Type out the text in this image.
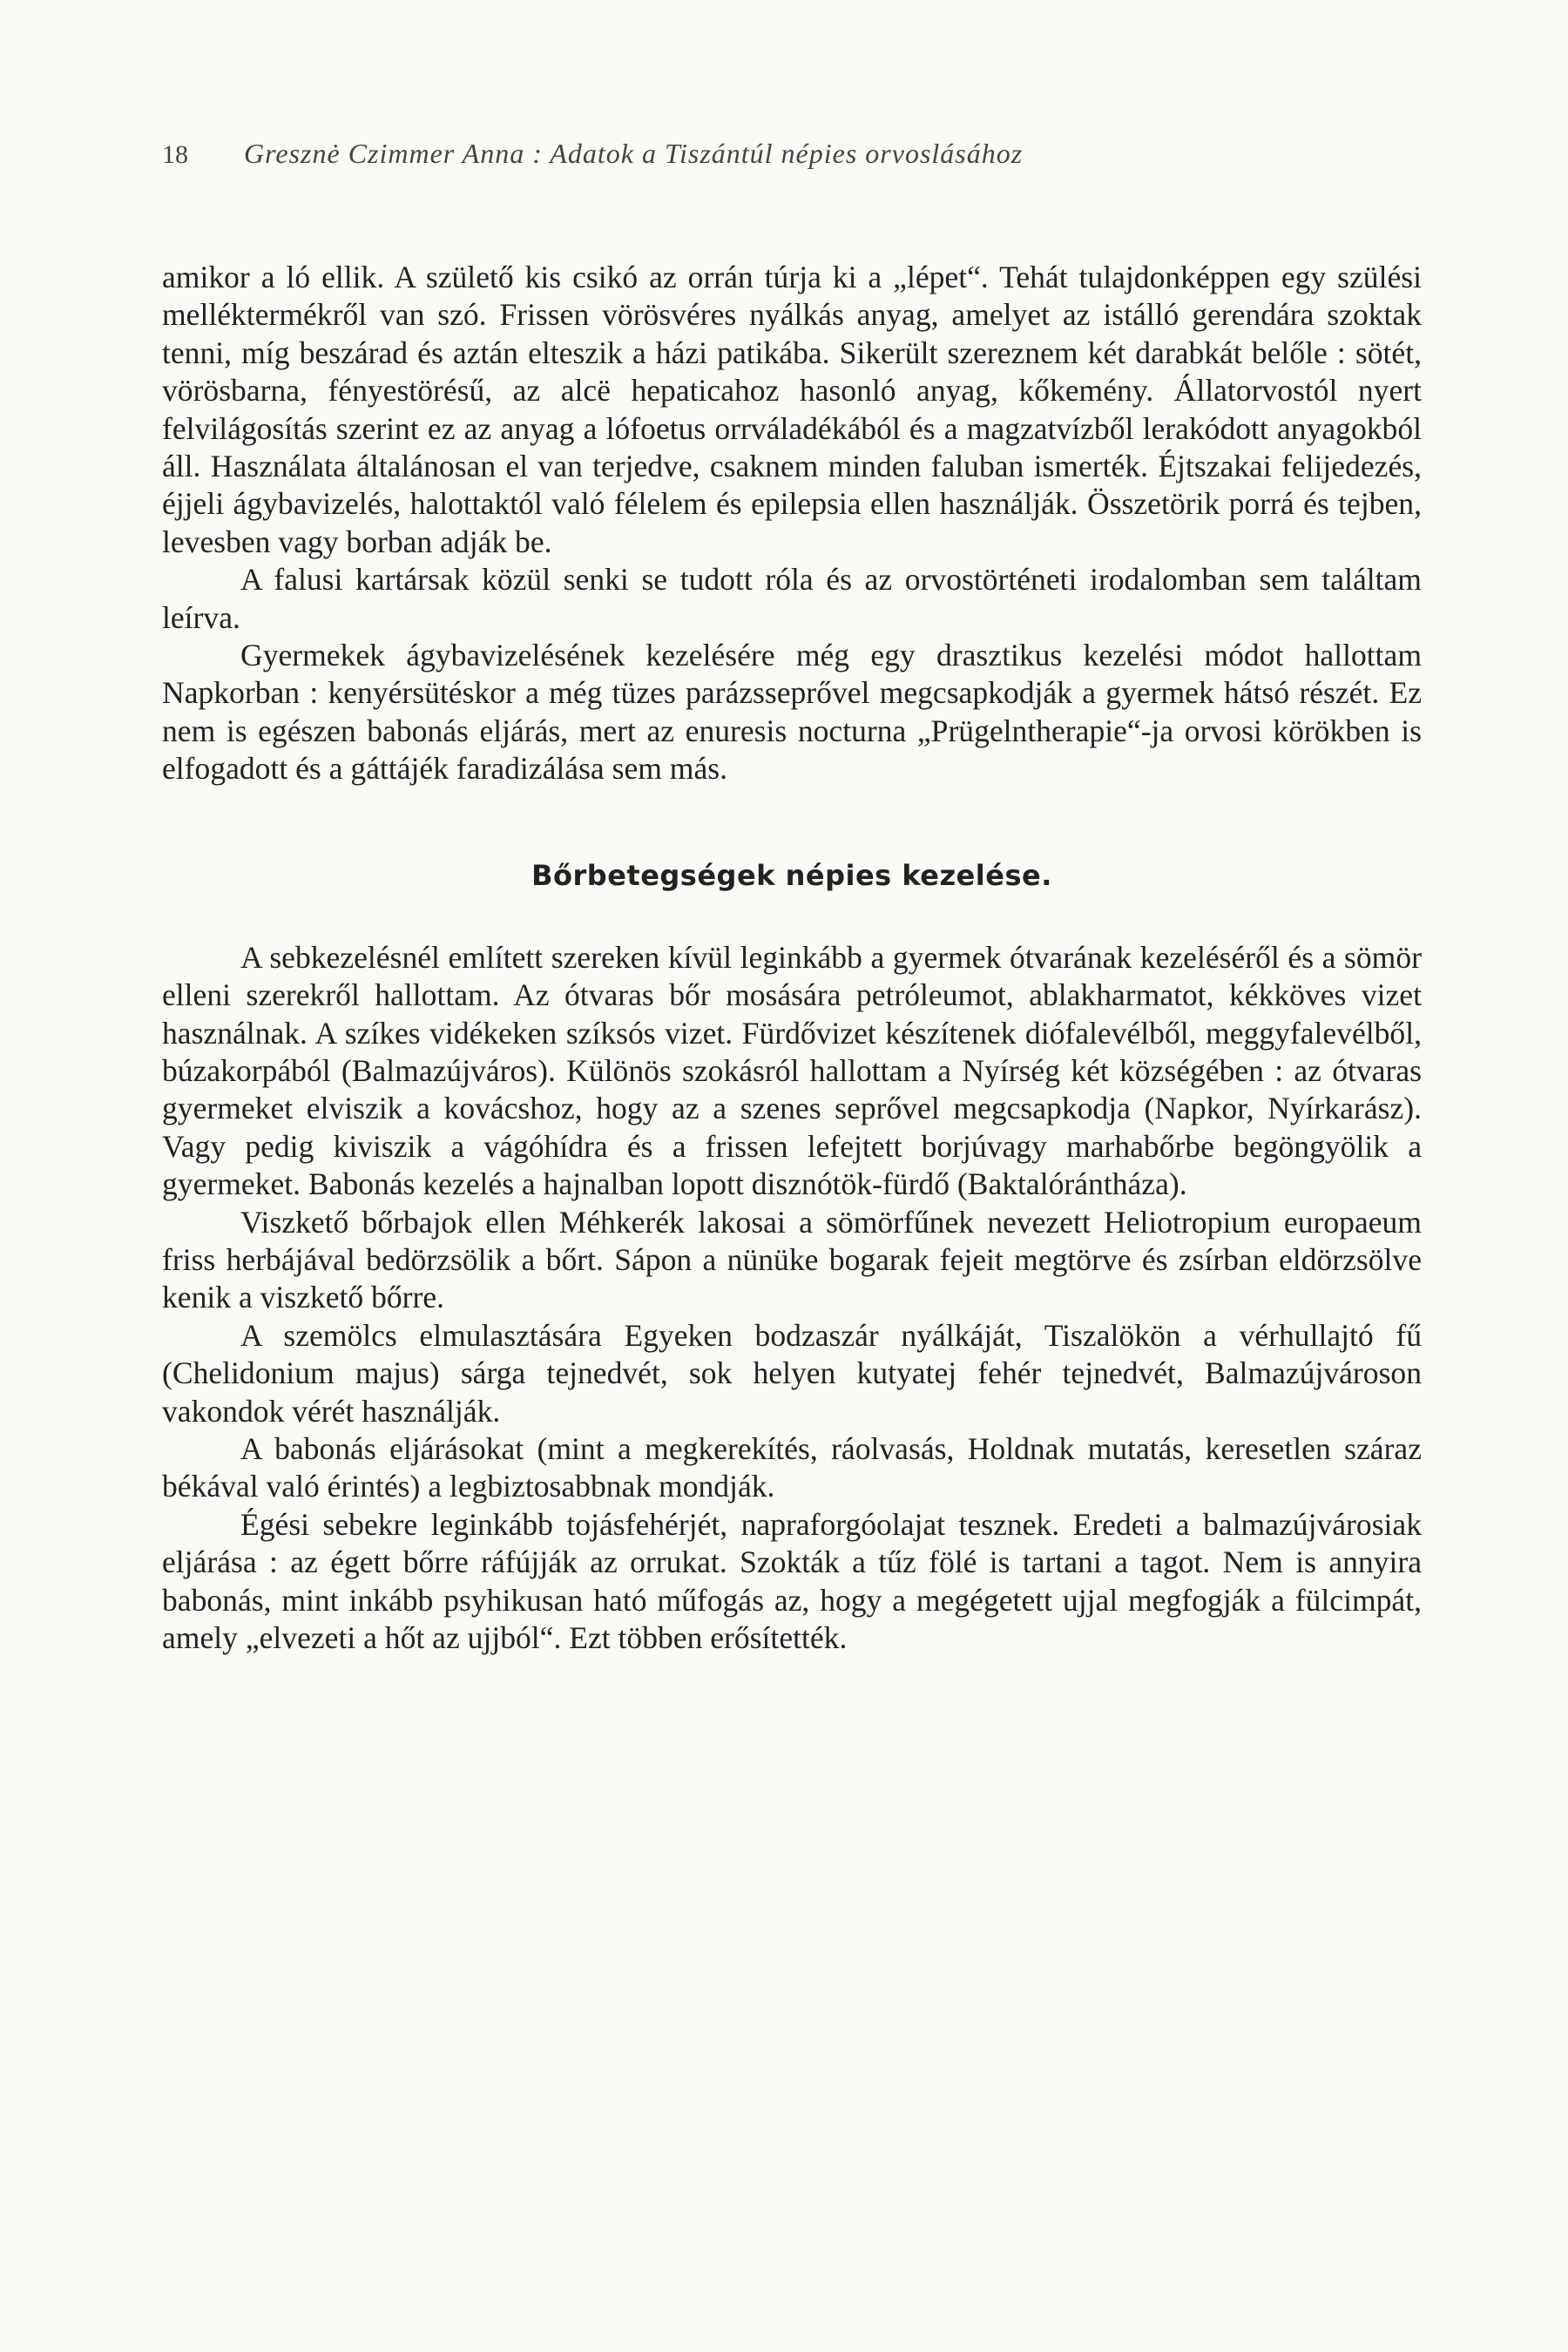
18 Gresznė Czimmer Anna : Adatok a Tiszántúl népies orvoslásához

amikor a ló ellik. A születő kis csikó az orrán túrja ki a „lépet“. Tehát tulajdonképpen egy szülési melléktermékről van szó. Frissen vörösvéres nyálkás anyag, amelyet az istálló gerendára szoktak tenni, míg beszárad és aztán elteszik a házi patikába. Sikerült szereznem két darabkát belőle : sötét, vörösbarna, fényestörésű, az alcë hepaticahoz hasonló anyag, kőkemény. Állatorvostól nyert felvilágosítás szerint ez az anyag a lófoetus orrváladékából és a magzatvízből lerakódott anyagokból áll. Használata általánosan el van terjedve, csaknem minden faluban ismerték. Éjtszakai felijedezés, éjjeli ágybavizelés, halottaktól való félelem és epilepsia ellen használják. Összetörik porrá és tejben, levesben vagy borban adják be.

A falusi kartársak közül senki se tudott róla és az orvostörténeti irodalomban sem találtam leírva.

Gyermekek ágybavizelésének kezelésére még egy drasztikus kezelési módot hallottam Napkorban : kenyérsütéskor a még tüzes parázsseprővel megcsapkodják a gyermek hátsó részét. Ez nem is egészen babonás eljárás, mert az enuresis nocturna „Prügelntherapie“-ja orvosi körökben is elfogadott és a gáttájék faradizálása sem más.

Bőrbetegségek népies kezelése.

A sebkezelésnél említett szereken kívül leginkább a gyermek ótvarának kezeléséről és a sömör elleni szerekről hallottam. Az ótvaras bőr mosására petróleumot, ablakharmatot, kékköves vizet használnak. A szíkes vidékeken szíksós vizet. Fürdővizet készítenek diófalevélből, meggyfalevélből, búzakorpából (Balmazújváros). Különös szokásról hallottam a Nyírség két községében : az ótvaras gyermeket elviszik a kovácshoz, hogy az a szenes seprővel megcsapkodja (Napkor, Nyírkarász). Vagy pedig kiviszik a vágóhídra és a frissen lefejtett borjúvagy marhabőrbe begöngyölik a gyermeket. Babonás kezelés a hajnalban lopott disznótök-fürdő (Baktalórántháza).

Viszkető bőrbajok ellen Méhkerék lakosai a sömörfűnek nevezett Heliotropium europaeum friss herbájával bedörzsölik a bőrt. Sápon a nünüke bogarak fejeit megtörve és zsírban eldörzsölve kenik a viszkető bőrre.

A szemölcs elmulasztására Egyeken bodzaszár nyálkáját, Tiszalökön a vérhullajtó fű (Chelidonium majus) sárga tejnedvét, sok helyen kutyatej fehér tejnedvét, Balmazújvároson vakondok vérét használják.

A babonás eljárásokat (mint a megkerekítés, ráolvasás, Holdnak mutatás, keresetlen száraz békával való érintés) a legbiztosabbnak mondják.

Égési sebekre leginkább tojásfehérjét, napraforgóolajat tesznek. Eredeti a balmazújvárosiak eljárása : az égett bőrre ráfújják az orrukat. Szokták a tűz fölé is tartani a tagot. Nem is annyira babonás, mint inkább psyhikusan ható műfogás az, hogy a megégetett ujjal megfogják a fülcimpát, amely „elvezeti a hőt az ujjból“. Ezt többen erősítették.
